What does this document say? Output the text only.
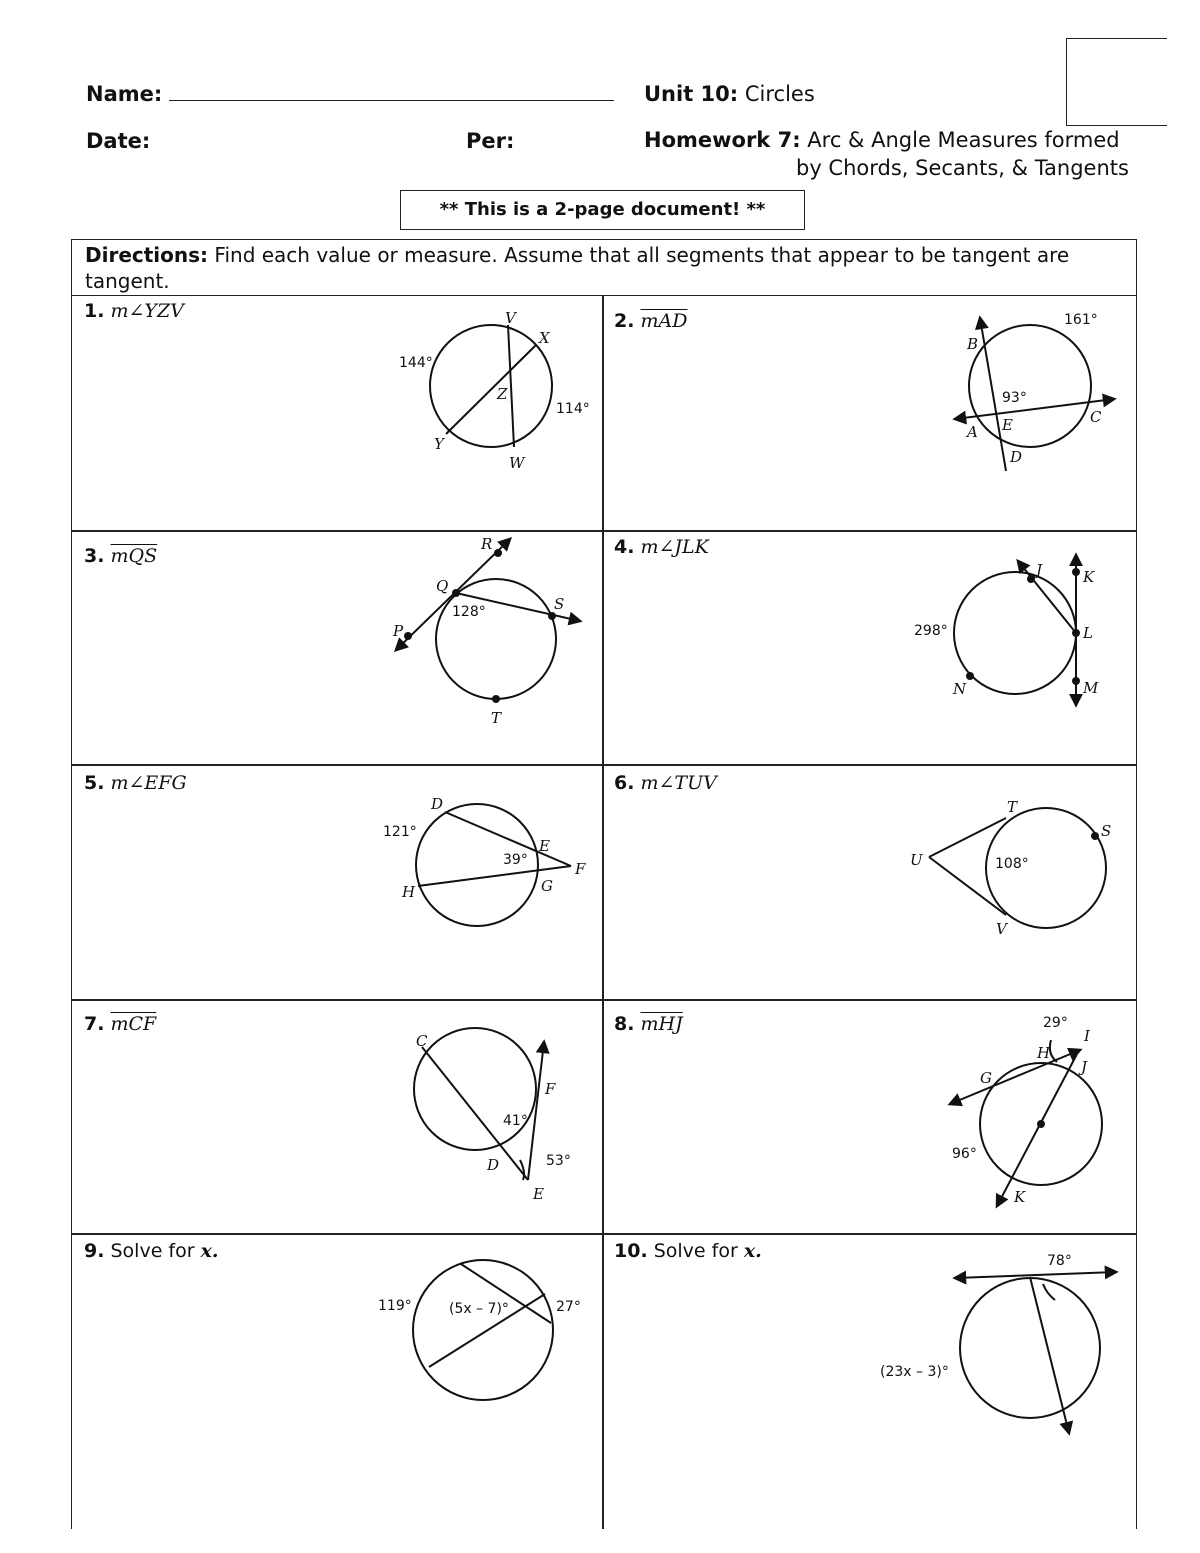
Name:
Date:	Per:
Unit 10: Circles
Homework 7: Arc & Angle Measures formed
by Chords, Secants, & Tangents
** This is a 2-page document! **
Directions: Find each value or measure. Assume that all segments that appear to be tangent are tangent.
1. m∠YZV	2. $\overline{mAD}$
3. $\overline{mQS}$	4. m∠JLK
5. m∠EFG	6. m∠TUV
7. $\overline{mCF}$	8. $\overline{mHJ}$
9. Solve for x.	10. Solve for x.
V
X
Z
Y
W
144°
114°
161°
B
93°
A E	C
D
R
Q
128°	S
P
T
J	K
L
298°
N	M
D
121°
E
39°	F
G
H
T
S
U	108°
V
C
F
41°
D	53°
E
29°
I
H
J
G
96°
K
119°	(5x – 7)°	27°
78°
(23x – 3)°
